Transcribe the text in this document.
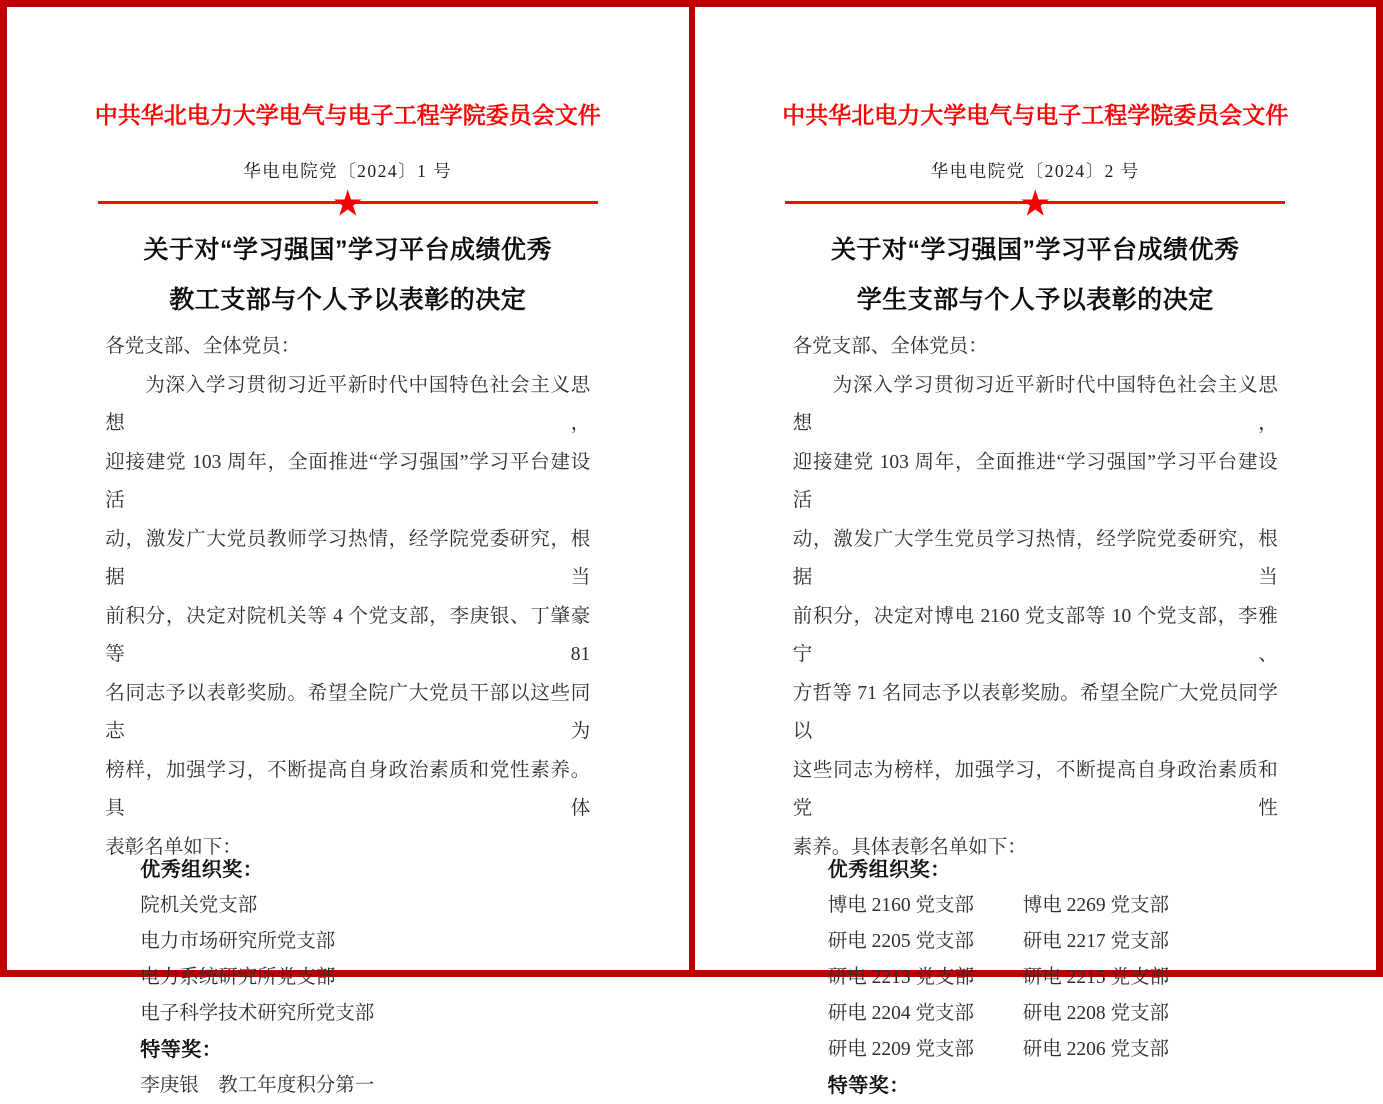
中共华北电力大学电气与电子工程学院委员会文件
华电电院党〔2024〕1 号
★
关于对“学习强国”学习平台成绩优秀
教工支部与个人予以表彰的决定
各党支部、全体党员：
为深入学习贯彻习近平新时代中国特色社会主义思想，
迎接建党 103 周年，全面推进“学习强国”学习平台建设活
动，激发广大党员教师学习热情，经学院党委研究，根据当
前积分，决定对院机关等 4 个党支部，李庚银、丁肇豪等 81
名同志予以表彰奖励。希望全院广大党员干部以这些同志为
榜样，加强学习，不断提高自身政治素质和党性素养。具体
表彰名单如下：
优秀组织奖：
院机关党支部
电力市场研究所党支部
电力系统研究所党支部
电子科学技术研究所党支部
特等奖：
李庚银　教工年度积分第一
中共华北电力大学电气与电子工程学院委员会文件
华电电院党〔2024〕2 号
★
关于对“学习强国”学习平台成绩优秀
学生支部与个人予以表彰的决定
各党支部、全体党员：
为深入学习贯彻习近平新时代中国特色社会主义思想，
迎接建党 103 周年，全面推进“学习强国”学习平台建设活
动，激发广大学生党员学习热情，经学院党委研究，根据当
前积分，决定对博电 2160 党支部等 10 个党支部，李雅宁、
方哲等 71 名同志予以表彰奖励。希望全院广大党员同学以
这些同志为榜样，加强学习，不断提高自身政治素质和党性
素养。具体表彰名单如下：
优秀组织奖：
博电 2160 党支部	博电 2269 党支部
研电 2205 党支部	研电 2217 党支部
研电 2213 党支部	研电 2215 党支部
研电 2204 党支部	研电 2208 党支部
研电 2209 党支部	研电 2206 党支部
特等奖：
